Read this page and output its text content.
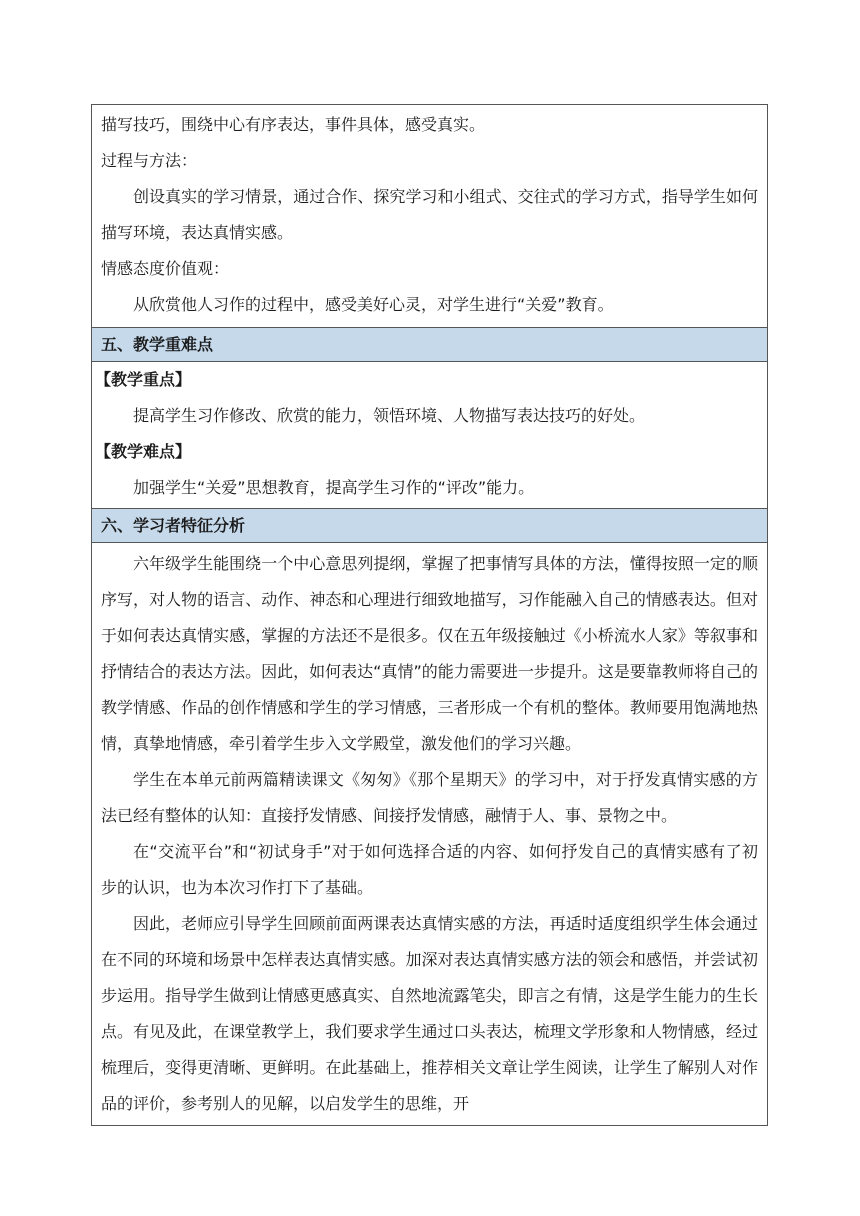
描写技巧，围绕中心有序表达，事件具体，感受真实。
过程与方法：

创设真实的学习情景，通过合作、探究学习和小组式、交往式的学习方式，指导学生如何描写环境，表达真情实感。

情感态度价值观：

从欣赏他人习作的过程中，感受美好心灵，对学生进行“关爱”教育。

五、教学重难点
【教学重点】

提高学生习作修改、欣赏的能力，领悟环境、人物描写表达技巧的好处。

【教学难点】

加强学生“关爱”思想教育，提高学生习作的“评改”能力。

六、学习者特征分析

六年级学生能围绕一个中心意思列提纲，掌握了把事情写具体的方法，懂得按照一定的顺序写，对人物的语言、动作、神态和心理进行细致地描写，习作能融入自己的情感表达。但对于如何表达真情实感，掌握的方法还不是很多。仅在五年级接触过《小桥流水人家》等叙事和抒情结合的表达方法。因此，如何表达“真情”的能力需要进一步提升。这是要靠教师将自己的教学情感、作品的创作情感和学生的学习情感，三者形成一个有机的整体。教师要用饱满地热情，真挚地情感，牵引着学生步入文学殿堂，激发他们的学习兴趣。

学生在本单元前两篇精读课文《匆匆》《那个星期天》的学习中，对于抒发真情实感的方法已经有整体的认知：直接抒发情感、间接抒发情感，融情于人、事、景物之中。

在“交流平台”和“初试身手”对于如何选择合适的内容、如何抒发自己的真情实感有了初步的认识，也为本次习作打下了基础。

因此，老师应引导学生回顾前面两课表达真情实感的方法，再适时适度组织学生体会通过在不同的环境和场景中怎样表达真情实感。加深对表达真情实感方法的领会和感悟，并尝试初步运用。指导学生做到让情感更感真实、自然地流露笔尖，即言之有情，这是学生能力的生长点。有见及此，在课堂教学上，我们要求学生通过口头表达，梳理文学形象和人物情感，经过梳理后，变得更清晰、更鲜明。在此基础上，推荐相关文章让学生阅读，让学生了解别人对作品的评价，参考别人的见解，以启发学生的思维，开
